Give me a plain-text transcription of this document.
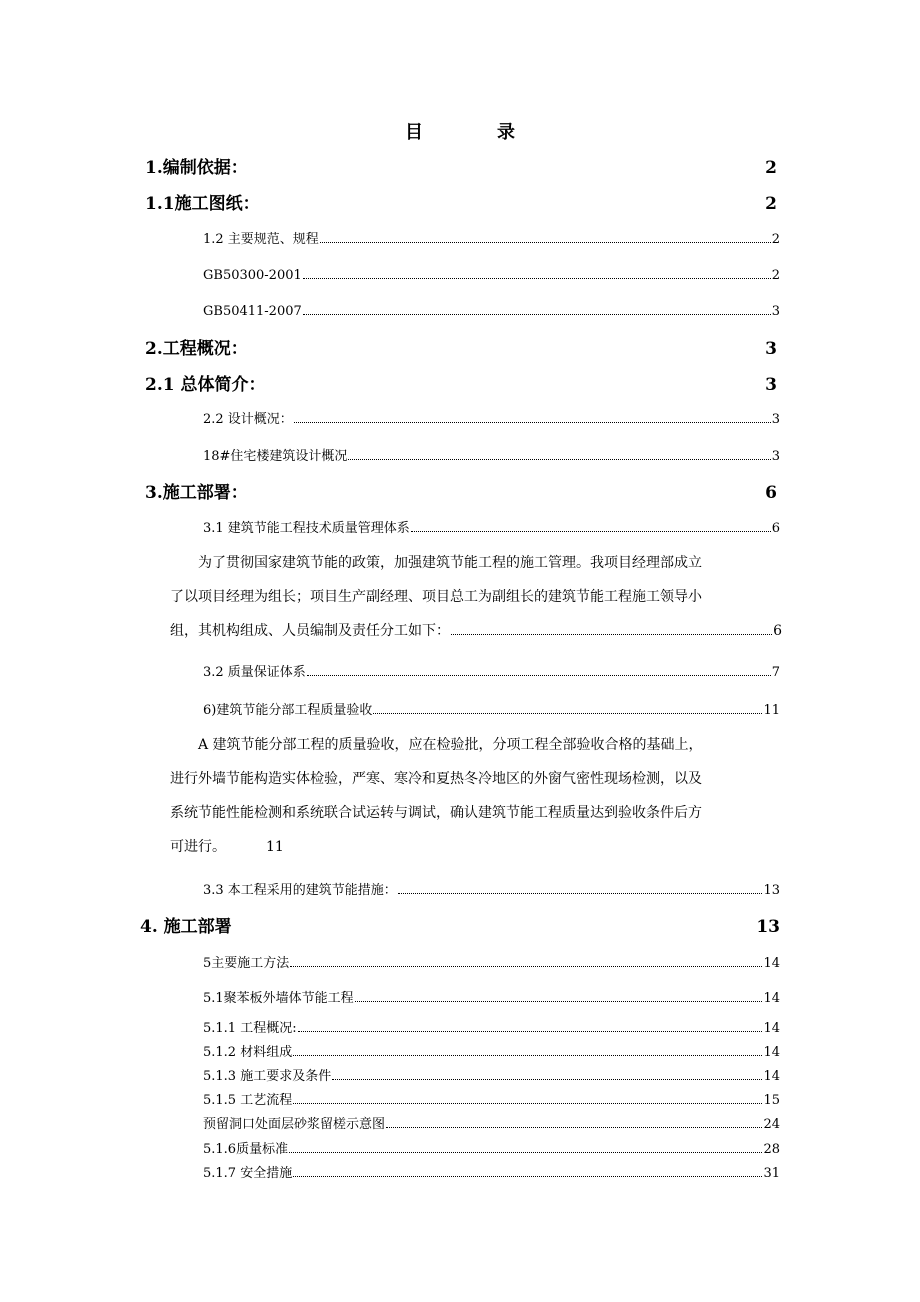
目　录
1.编制依据：	2
1.1施工图纸：	2
1.2 主要规范、规程	2
GB50300-2001	2
GB50411-2007	3
2.工程概况：	3
2.1 总体简介：	3
2.2 设计概况：	3
18#住宅楼建筑设计概况	3
3.施工部署：	6
3.1 建筑节能工程技术质量管理体系	6

为了贯彻国家建筑节能的政策，加强建筑节能工程的施工管理。我项目经理部成立

了以项目经理为组长；项目生产副经理、项目总工为副组长的建筑节能工程施工领导小

组，其机构组成、人员编制及责任分工如下：	6
3.2 质量保证体系	7
6)建筑节能分部工程质量验收	11

A 建筑节能分部工程的质量验收，应在检验批，分项工程全部验收合格的基础上，

进行外墙节能构造实体检验，严寒、寒冷和夏热冬冷地区的外窗气密性现场检测，以及

系统节能性能检测和系统联合试运转与调试，确认建筑节能工程质量达到验收条件后方

可进行。	11
3.3 本工程采用的建筑节能措施：	13
4. 施工部署	13
5主要施工方法	14
5.1聚苯板外墙体节能工程	14
5.1.1 工程概况:	14
5.1.2 材料组成	14
5.1.3 施工要求及条件	14
5.1.5 工艺流程	15
预留洞口处面层砂浆留槎示意图	24
5.1.6质量标准	28
5.1.7 安全措施	31
